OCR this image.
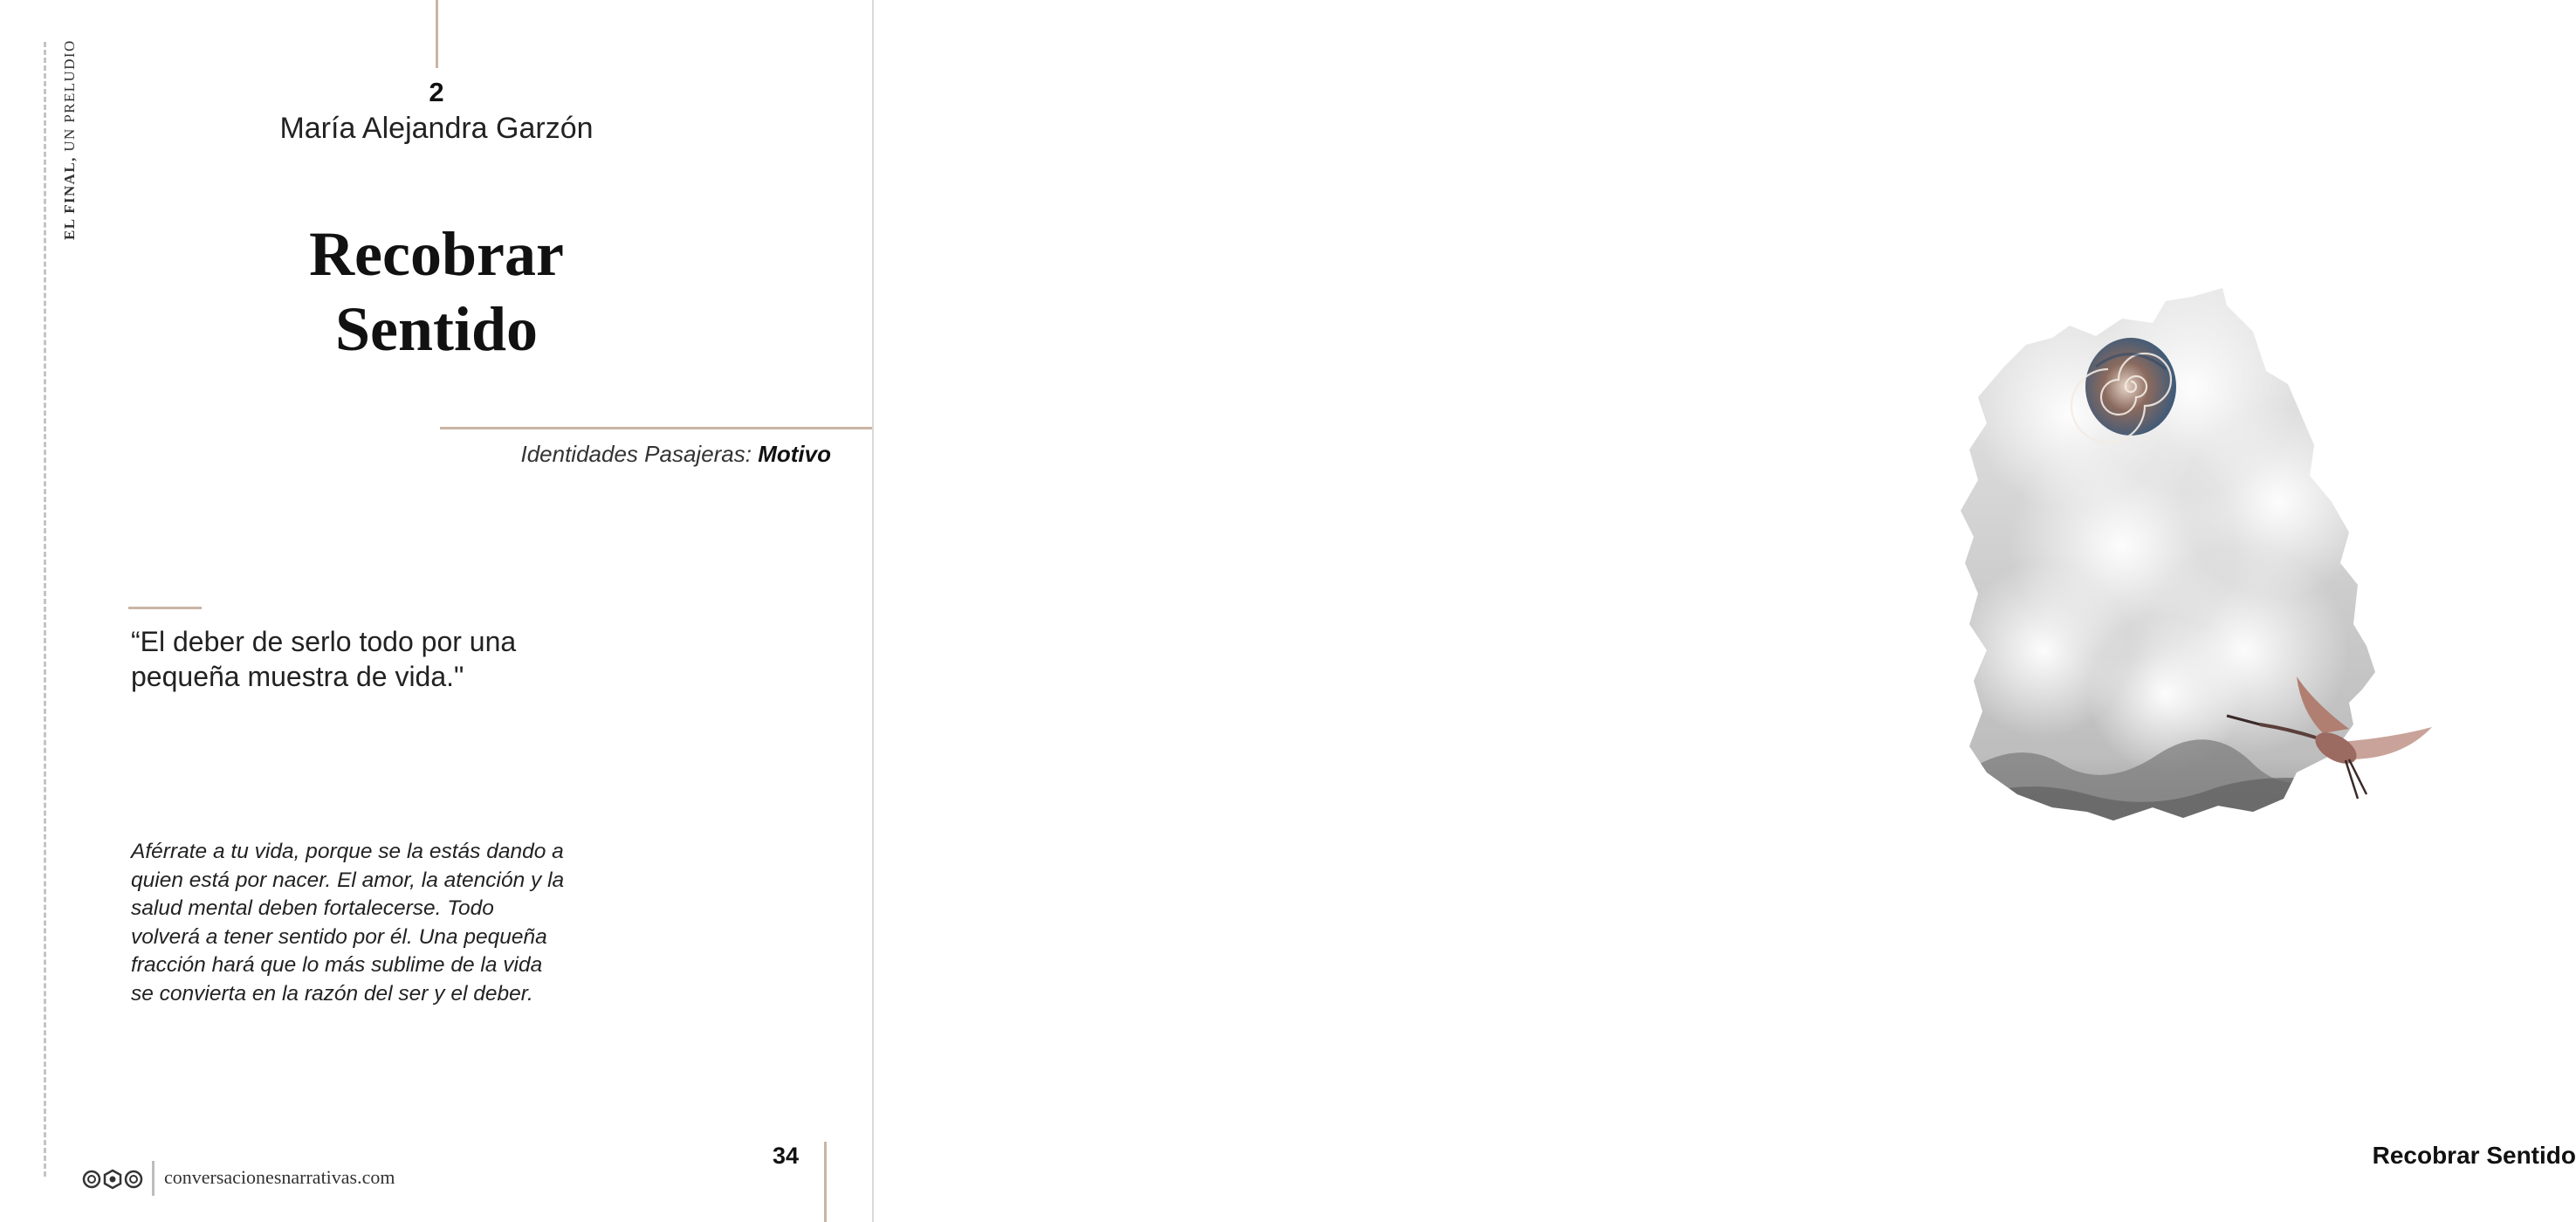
EL FINAL, UN PRELUDIO	2
María Alejandra Garzón
Recobrar
Sentido
Identidades Pasajeras: Motivo
“El deber de serlo todo por una pequeña muestra de vida."
Aférrate a tu vida, porque se la estás dando a quien está por nacer. El amor, la atención y la salud mental deben fortalecerse. Todo volverá a tener sentido por él. Una pequeña fracción hará que lo más sublime de la vida se convierta en la razón del ser y el deber.
conversacionesnarrativas.com
34	Recobrar Sentido
